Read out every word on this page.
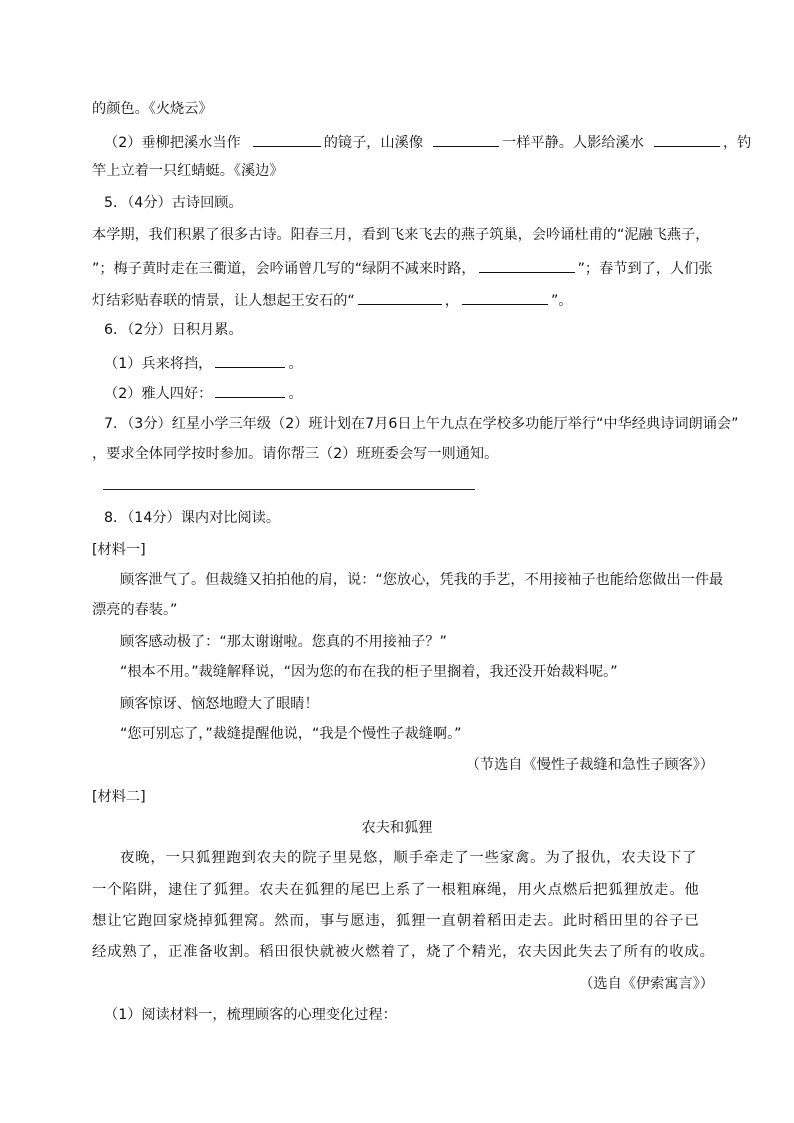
的颜色。《火烧云》
（2）垂柳把溪水当作	的镜子，山溪像	一样平静。人影给溪水	，钓
竿上立着一只红蜻蜓。《溪边》
5．（4分）古诗回顾。
本学期，我们积累了很多古诗。阳春三月，看到飞来飞去的燕子筑巢，会吟诵杜甫的“泥融飞燕子，
”；梅子黄时走在三衢道，会吟诵曾几写的“绿阴不减来时路，	”；春节到了，人们张
灯结彩贴春联的情景，让人想起王安石的“	，	”。
6．（2分）日积月累。
（1）兵来将挡，	。
（2）雅人四好：	。
7．（3分）红星小学三年级（2）班计划在7月6日上午九点在学校多功能厅举行“中华经典诗词朗诵会”
，要求全体同学按时参加。请你帮三（2）班班委会写一则通知。
8．（14分）课内对比阅读。
[材料一]
顾客泄气了。但裁缝又拍拍他的肩，说：“您放心，凭我的手艺，不用接袖子也能给您做出一件最
漂亮的春装。”
顾客感动极了：“那太谢谢啦。您真的不用接袖子？”
“根本不用。”裁缝解释说，“因为您的布在我的柜子里搁着，我还没开始裁料呢。”
顾客惊讶、恼怒地瞪大了眼睛！
“您可别忘了，”裁缝提醒他说，“我是个慢性子裁缝啊。”
（节选自《慢性子裁缝和急性子顾客》）
[材料二]
农夫和狐狸
夜晚，一只狐狸跑到农夫的院子里晃悠，顺手牵走了一些家禽。为了报仇，农夫设下了
一个陷阱，逮住了狐狸。农夫在狐狸的尾巴上系了一根粗麻绳，用火点燃后把狐狸放走。他
想让它跑回家烧掉狐狸窝。然而，事与愿违，狐狸一直朝着稻田走去。此时稻田里的谷子已
经成熟了，正准备收割。稻田很快就被火燃着了，烧了个精光，农夫因此失去了所有的收成。
（选自《伊索寓言》）
（1）阅读材料一，梳理顾客的心理变化过程：
